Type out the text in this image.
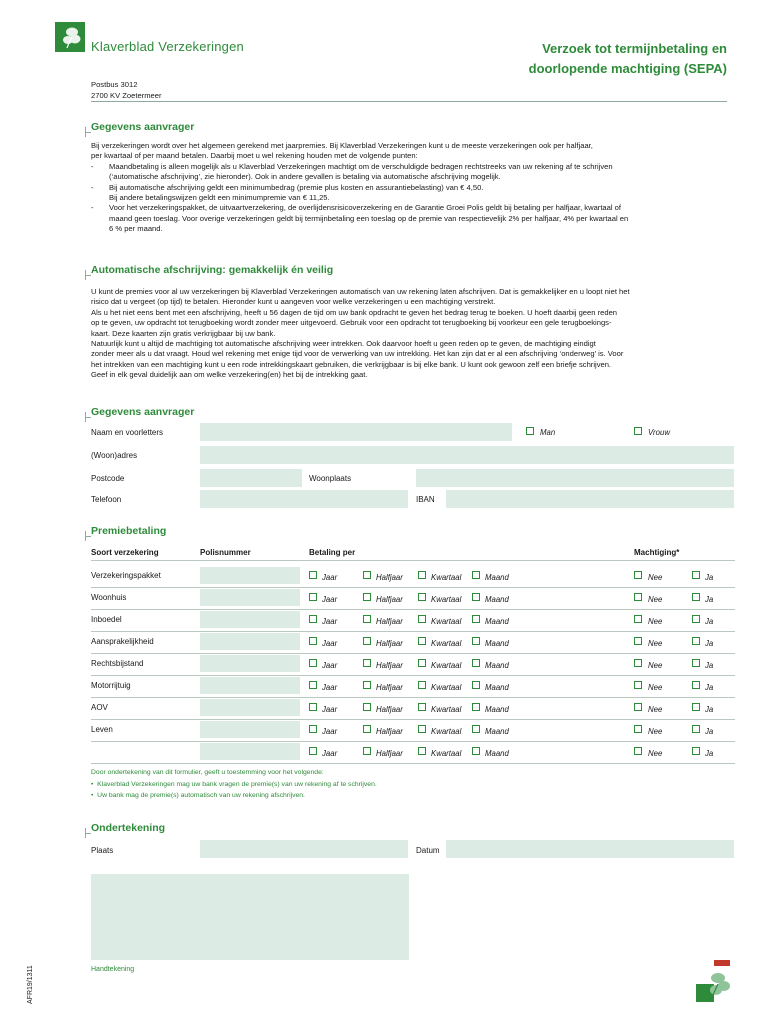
Klaverblad Verzekeringen
Postbus 3012
2700 KV Zoetermeer
Verzoek tot termijnbetaling en
doorlopende machtiging (SEPA)
Gegevens aanvrager

Bij verzekeringen wordt over het algemeen gerekend met jaarpremies. Bij Klaverblad Verzekeringen kunt u de meeste verzekeringen ook per halfjaar,

per kwartaal of per maand betalen. Daarbij moet u wel rekening houden met de volgende punten:

- Maandbetaling is alleen mogelijk als u Klaverblad Verzekeringen machtigt om de verschuldigde bedragen rechtstreeks van uw rekening af te schrijven

(‘automatische afschrijving’, zie hieronder). Ook in andere gevallen is betaling via automatische afschrijving mogelijk.

- Bij automatische afschrijving geldt een minimumbedrag (premie plus kosten en assurantiebelasting) van € 4,50.

Bij andere betalingswijzen geldt een minimumpremie van € 11,25.

- Voor het verzekeringspakket, de uitvaartverzekering, de overlijdensrisicoverzekering en de Garantie Groei Polis geldt bij betaling per halfjaar, kwartaal of

maand geen toeslag. Voor overige verzekeringen geldt bij termijnbetaling een toeslag op de premie van respectievelijk 2% per halfjaar, 4% per kwartaal en

6 % per maand.

Automatische afschrijving: gemakkelijk én veilig

U kunt de premies voor al uw verzekeringen bij Klaverblad Verzekeringen automatisch van uw rekening laten afschrijven. Dat is gemakkelijker en u loopt niet het

risico dat u vergeet (op tijd) te betalen. Hieronder kunt u aangeven voor welke verzekeringen u een machtiging verstrekt.

Als u het niet eens bent met een afschrijving, heeft u 56 dagen de tijd om uw bank opdracht te geven het bedrag terug te boeken. U hoeft daarbij geen reden

op te geven, uw opdracht tot terugboeking wordt zonder meer uitgevoerd. Gebruik voor een opdracht tot terugboeking bij voorkeur een gele terugboekings-

kaart. Deze kaarten zijn gratis verkrijgbaar bij uw bank.

Natuurlijk kunt u altijd de machtiging tot automatische afschrijving weer intrekken. Ook daarvoor hoeft u geen reden op te geven, de machtiging eindigt

zonder meer als u dat vraagt. Houd wel rekening met enige tijd voor de verwerking van uw intrekking. Het kan zijn dat er al een afschrijving ‘onderweg’ is. Voor

het intrekken van een machtiging kunt u een rode intrekkingskaart gebruiken, die verkrijgbaar is bij elke bank. U kunt ook gewoon zelf een briefje schrijven.

Geef in elk geval duidelijk aan om welke verzekering(en) het bij de intrekking gaat.

Gegevens aanvrager
Naam en voorletters	Man	Vrouw
(Woon)adres
Postcode	Woonplaats
Telefoon	IBAN
Premiebetaling
Soort verzekering	Polisnummer	Betaling per	Machtiging*
Verzekeringspakket	Jaar	Halfjaar	Kwartaal	Maand	Nee	Ja
Woonhuis	Jaar	Halfjaar	Kwartaal	Maand	Nee	Ja
Inboedel	Jaar	Halfjaar	Kwartaal	Maand	Nee	Ja
Aansprakelijkheid	Jaar	Halfjaar	Kwartaal	Maand	Nee	Ja
Rechtsbijstand	Jaar	Halfjaar	Kwartaal	Maand	Nee	Ja
Motorrijtuig	Jaar	Halfjaar	Kwartaal	Maand	Nee	Ja
AOV	Jaar	Halfjaar	Kwartaal	Maand	Nee	Ja
Leven	Jaar	Halfjaar	Kwartaal	Maand	Nee	Ja
Jaar	Halfjaar	Kwartaal	Maand	Nee	Ja
Door ondertekening van dit formulier, geeft u toestemming voor het volgende:
•  Klaverblad Verzekeringen mag uw bank vragen de premie(s) van uw rekening af te schrijven.
•  Uw bank mag de premie(s) automatisch van uw rekening afschrijven.
Ondertekening
Plaats	Datum
Handtekening
AFR19/1311
